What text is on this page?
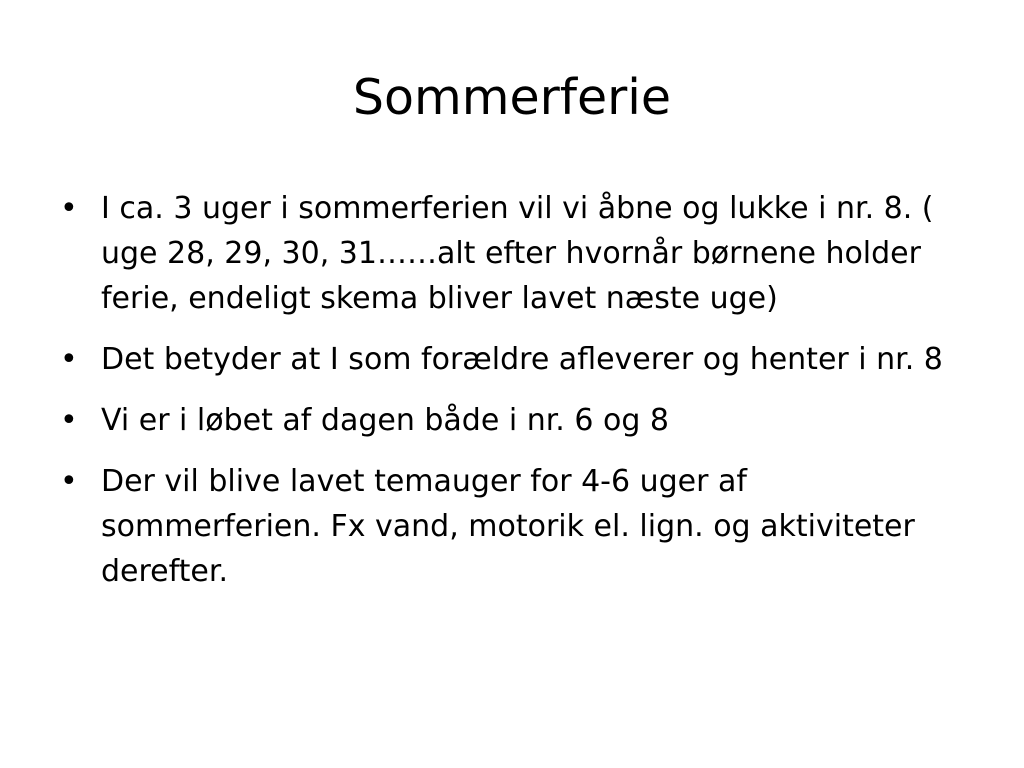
Sommerferie
• I ca. 3 uger i sommerferien vil vi åbne og lukke i nr. 8. ( uge 28, 29, 30, 31……alt efter hvornår børnene holder ferie, endeligt skema bliver lavet næste uge)
• Det betyder at I som forældre afleverer og henter i nr. 8
• Vi er i løbet af dagen både i nr. 6 og 8
• Der vil blive lavet temauger for 4-6 uger af sommerferien. Fx vand, motorik el. lign. og aktiviteter derefter.
